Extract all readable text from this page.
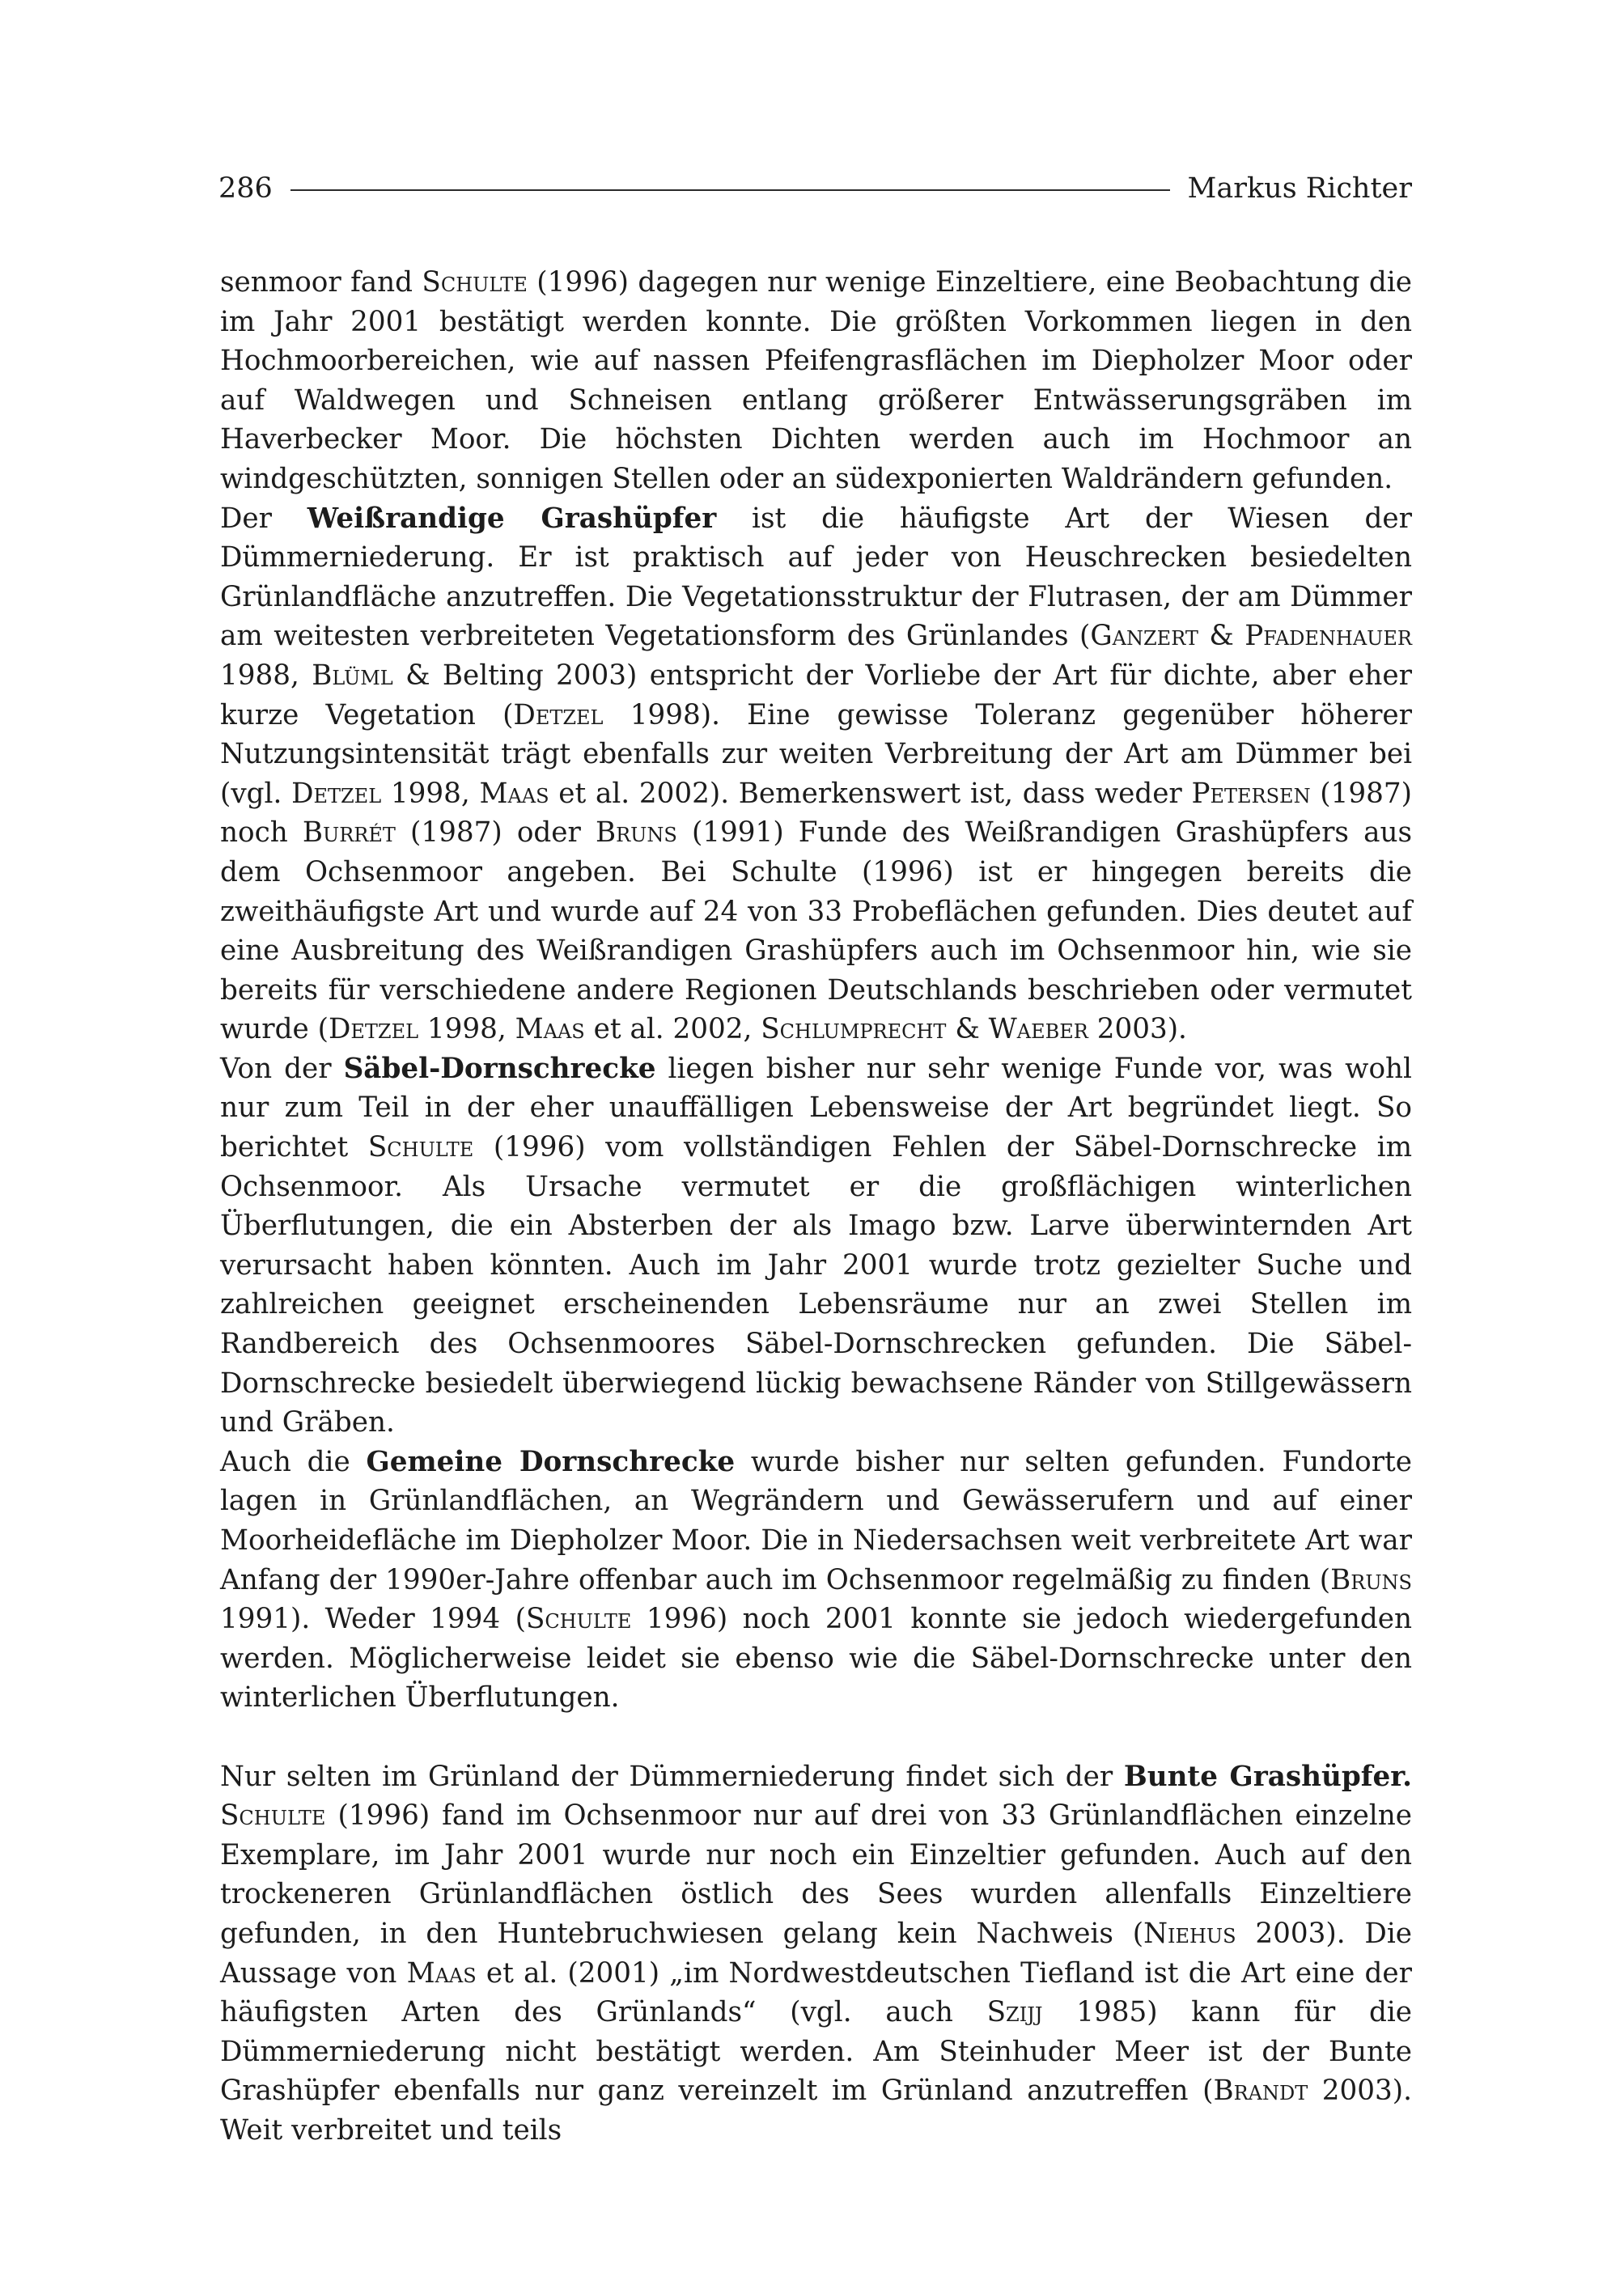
286	Markus Richter

senmoor fand Schulte (1996) dagegen nur wenige Einzeltiere, eine Beobachtung die im Jahr 2001 bestätigt werden konnte. Die größten Vorkommen liegen in den Hochmoorbereichen, wie auf nassen Pfeifengrasflächen im Diepholzer Moor oder auf Waldwegen und Schneisen entlang größerer Entwässerungsgräben im Haverbecker Moor. Die höchsten Dichten werden auch im Hochmoor an windgeschützten, sonnigen Stellen oder an südexponierten Waldrändern gefunden.

Der Weißrandige Grashüpfer ist die häufigste Art der Wiesen der Dümmerniederung. Er ist praktisch auf jeder von Heuschrecken besiedelten Grünlandfläche anzutreffen. Die Vegetationsstruktur der Flutrasen, der am Dümmer am weitesten verbreiteten Vegetationsform des Grünlandes (Ganzert & Pfadenhauer 1988, Blüml & Belting 2003) entspricht der Vorliebe der Art für dichte, aber eher kurze Vegetation (Detzel 1998). Eine gewisse Toleranz gegenüber höherer Nutzungsintensität trägt ebenfalls zur weiten Verbreitung der Art am Dümmer bei (vgl. Detzel 1998, Maas et al. 2002). Bemerkenswert ist, dass weder Petersen (1987) noch Burrét (1987) oder Bruns (1991) Funde des Weißrandigen Grashüpfers aus dem Ochsenmoor angeben. Bei Schulte (1996) ist er hingegen bereits die zweithäufigste Art und wurde auf 24 von 33 Probeflächen gefunden. Dies deutet auf eine Ausbreitung des Weißrandigen Grashüpfers auch im Ochsenmoor hin, wie sie bereits für verschiedene andere Regionen Deutschlands beschrieben oder vermutet wurde (Detzel 1998, Maas et al. 2002, Schlumprecht & Waeber 2003).

Von der Säbel-Dornschrecke liegen bisher nur sehr wenige Funde vor, was wohl nur zum Teil in der eher unauffälligen Lebensweise der Art begründet liegt. So berichtet Schulte (1996) vom vollständigen Fehlen der Säbel-Dornschrecke im Ochsenmoor. Als Ursache vermutet er die großflächigen winterlichen Überflutungen, die ein Absterben der als Imago bzw. Larve überwinternden Art verursacht haben könnten. Auch im Jahr 2001 wurde trotz gezielter Suche und zahlreichen geeignet erscheinenden Lebensräume nur an zwei Stellen im Randbereich des Ochsenmoores Säbel-Dornschrecken gefunden. Die Säbel-Dornschrecke besiedelt überwiegend lückig bewachsene Ränder von Stillgewässern und Gräben.

Auch die Gemeine Dornschrecke wurde bisher nur selten gefunden. Fundorte lagen in Grünlandflächen, an Wegrändern und Gewässerufern und auf einer Moorheidefläche im Diepholzer Moor. Die in Niedersachsen weit verbreitete Art war Anfang der 1990er-Jahre offenbar auch im Ochsenmoor regelmäßig zu finden (Bruns 1991). Weder 1994 (Schulte 1996) noch 2001 konnte sie jedoch wiedergefunden werden. Möglicherweise leidet sie ebenso wie die Säbel-Dornschrecke unter den winterlichen Überflutungen.

Nur selten im Grünland der Dümmerniederung findet sich der Bunte Grashüpfer. Schulte (1996) fand im Ochsenmoor nur auf drei von 33 Grünlandflächen einzelne Exemplare, im Jahr 2001 wurde nur noch ein Einzeltier gefunden. Auch auf den trockeneren Grünlandflächen östlich des Sees wurden allenfalls Einzeltiere gefunden, in den Huntebruchwiesen gelang kein Nachweis (Niehus 2003). Die Aussage von Maas et al. (2001) „im Nordwestdeutschen Tiefland ist die Art eine der häufigsten Arten des Grünlands“ (vgl. auch Szijj 1985) kann für die Dümmerniederung nicht bestätigt werden. Am Steinhuder Meer ist der Bunte Grashüpfer ebenfalls nur ganz vereinzelt im Grünland anzutreffen (Brandt 2003). Weit verbreitet und teils
